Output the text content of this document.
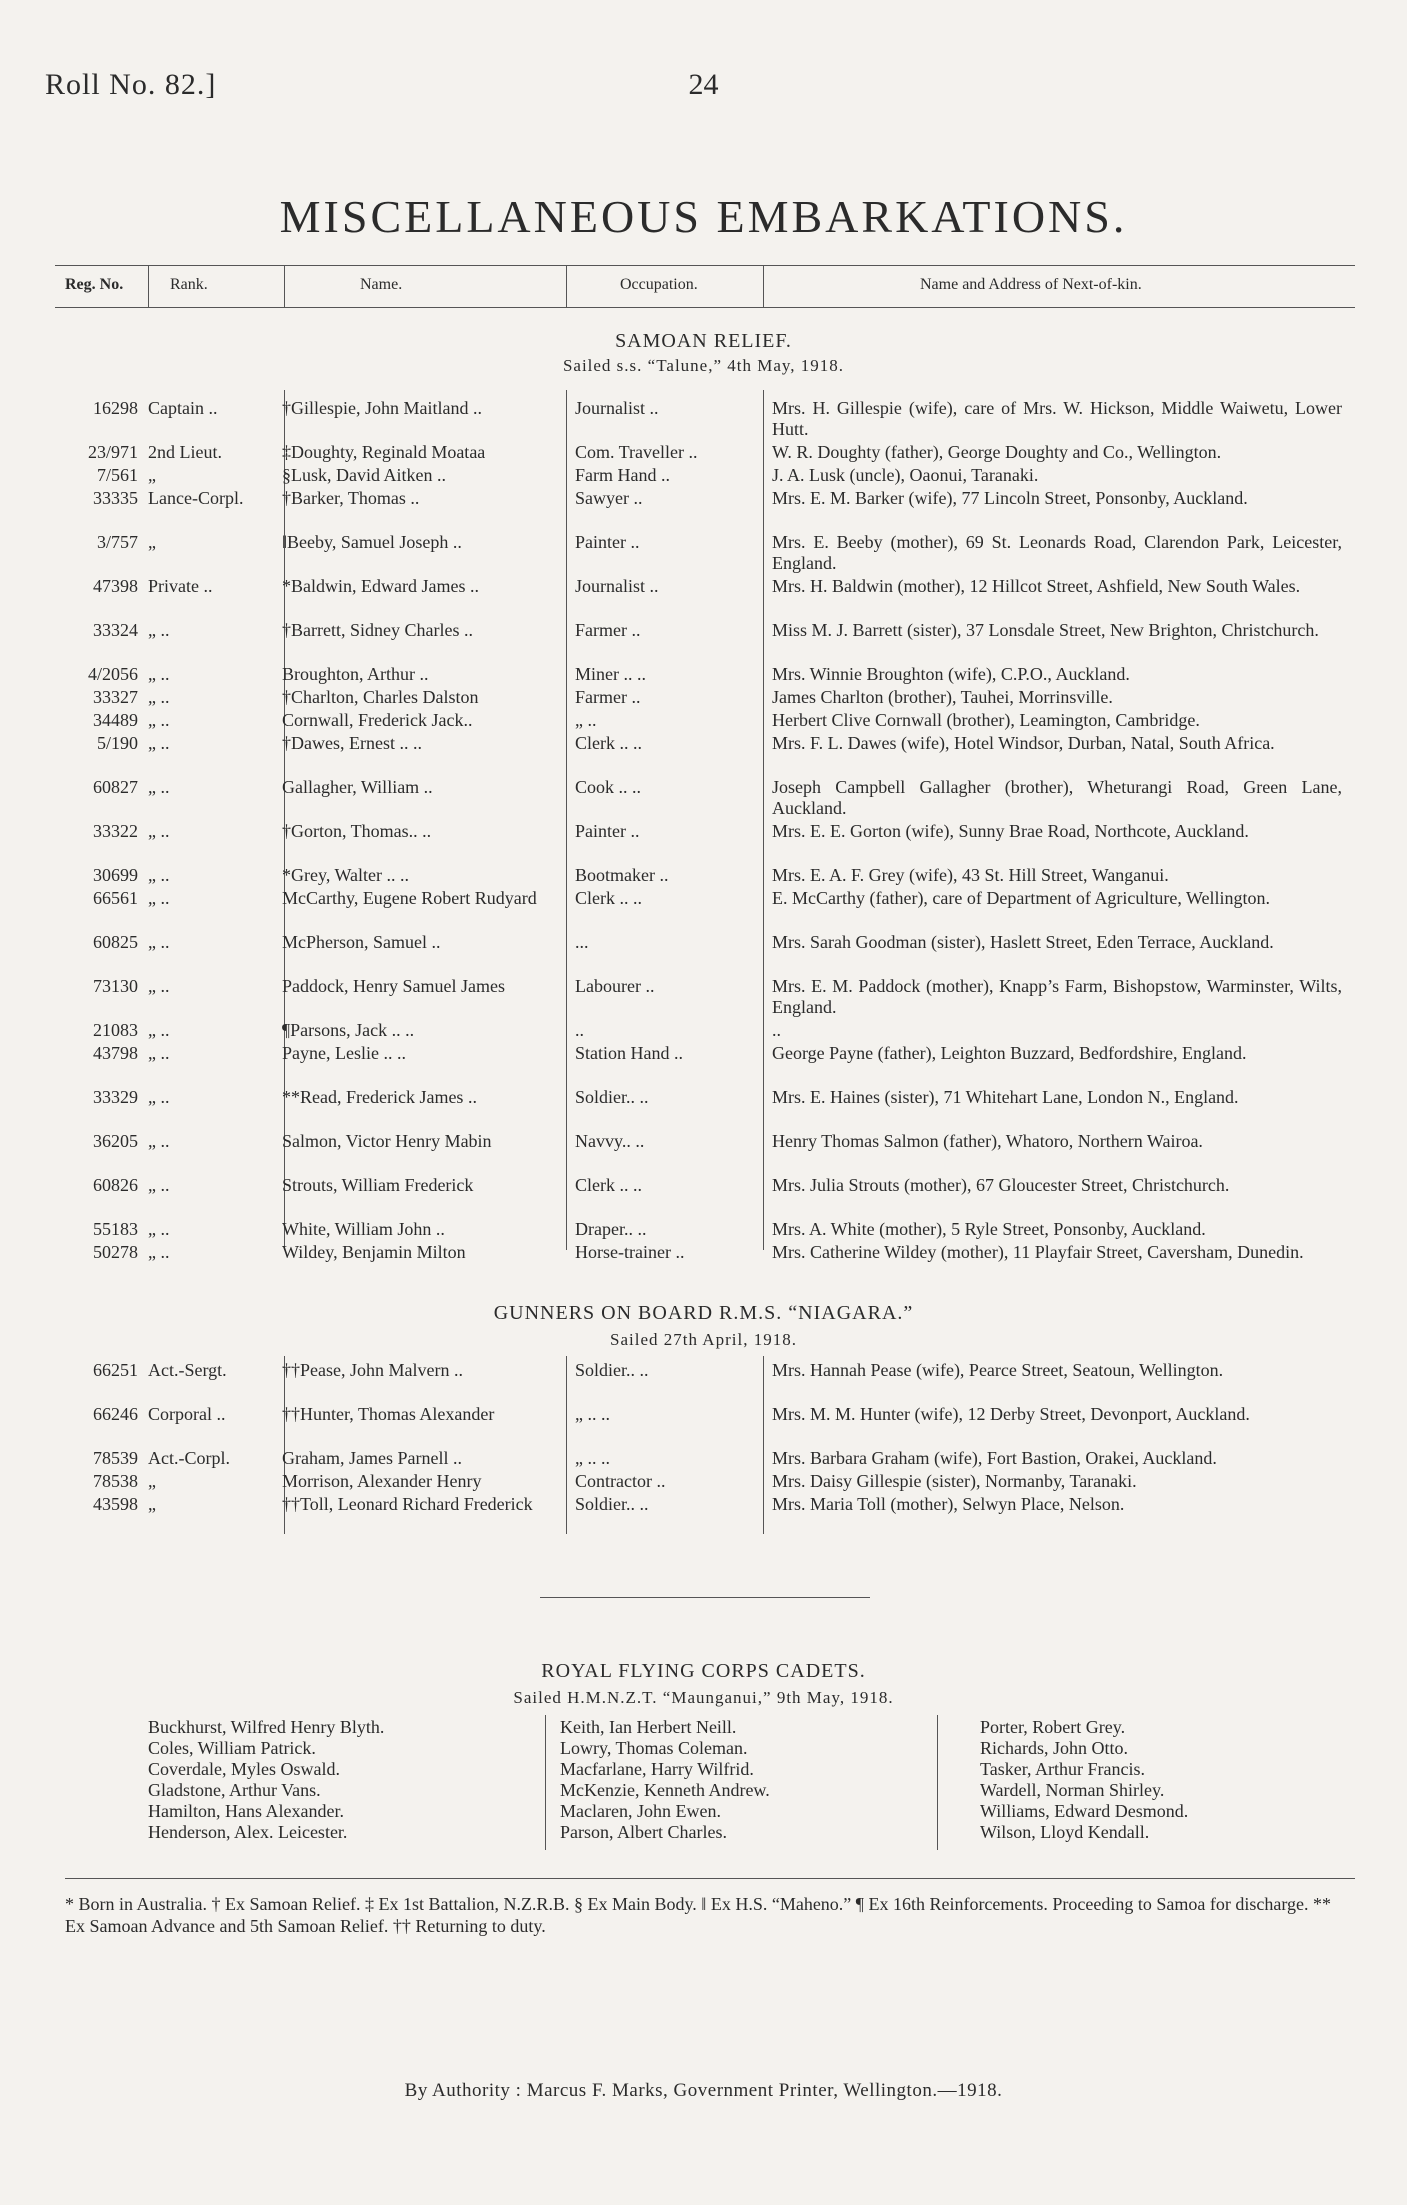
Roll No. 82.]	24
MISCELLANEOUS EMBARKATIONS.
Reg. No.	Rank.	Name.	Occupation.	Name and Address of Next-of-kin.
SAMOAN RELIEF.
Sailed s.s. “Talune,” 4th May, 1918.
16298 Captain ..	†Gillespie, John Maitland ..	Journalist ..	Mrs. H. Gillespie (wife), care of Mrs. W. Hickson, Middle Waiwetu, Lower Hutt.
23/971 2nd Lieut.	‡Doughty, Reginald Moataa	Com. Traveller ..	W. R. Doughty (father), George Doughty and Co., Wellington.
7/561 „	§Lusk, David Aitken ..	Farm Hand ..	J. A. Lusk (uncle), Oaonui, Taranaki.
33335 Lance-Corpl.	†Barker, Thomas ..	Sawyer ..	Mrs. E. M. Barker (wife), 77 Lincoln Street, Ponsonby, Auckland.
3/757 „	‖Beeby, Samuel Joseph ..	Painter ..	Mrs. E. Beeby (mother), 69 St. Leonards Road, Clarendon Park, Leicester, England.
47398 Private ..	*Baldwin, Edward James ..	Journalist ..	Mrs. H. Baldwin (mother), 12 Hillcot Street, Ashfield, New South Wales.
33324 „ ..	†Barrett, Sidney Charles ..	Farmer ..	Miss M. J. Barrett (sister), 37 Lonsdale Street, New Brighton, Christchurch.
4/2056 „ ..	Broughton, Arthur ..	Miner .. ..	Mrs. Winnie Broughton (wife), C.P.O., Auckland.
33327 „ ..	†Charlton, Charles Dalston	Farmer ..	James Charlton (brother), Tauhei, Morrinsville.
34489 „ ..	Cornwall, Frederick Jack..	„ ..	Herbert Clive Cornwall (brother), Leamington, Cambridge.
5/190 „ ..	†Dawes, Ernest .. ..	Clerk .. ..	Mrs. F. L. Dawes (wife), Hotel Windsor, Durban, Natal, South Africa.
60827 „ ..	Gallagher, William ..	Cook .. ..	Joseph Campbell Gallagher (brother), Wheturangi Road, Green Lane, Auckland.
33322 „ ..	†Gorton, Thomas.. ..	Painter ..	Mrs. E. E. Gorton (wife), Sunny Brae Road, Northcote, Auckland.
30699 „ ..	*Grey, Walter .. ..	Bootmaker ..	Mrs. E. A. F. Grey (wife), 43 St. Hill Street, Wanganui.
66561 „ ..	McCarthy, Eugene Robert Rudyard	Clerk .. ..	E. McCarthy (father), care of Department of Agriculture, Wellington.
60825 „ ..	McPherson, Samuel ..	...	Mrs. Sarah Goodman (sister), Haslett Street, Eden Terrace, Auckland.
73130 „ ..	Paddock, Henry Samuel James	Labourer ..	Mrs. E. M. Paddock (mother), Knapp’s Farm, Bishopstow, Warminster, Wilts, England.
21083 „ ..	¶Parsons, Jack .. ..	..	..
43798 „ ..	Payne, Leslie .. ..	Station Hand ..	George Payne (father), Leighton Buzzard, Bedfordshire, England.
33329 „ ..	**Read, Frederick James ..	Soldier.. ..	Mrs. E. Haines (sister), 71 Whitehart Lane, London N., England.
36205 „ ..	Salmon, Victor Henry Mabin	Navvy.. ..	Henry Thomas Salmon (father), Whatoro, Northern Wairoa.
60826 „ ..	Strouts, William Frederick	Clerk .. ..	Mrs. Julia Strouts (mother), 67 Gloucester Street, Christchurch.
55183 „ ..	White, William John ..	Draper.. ..	Mrs. A. White (mother), 5 Ryle Street, Ponsonby, Auckland.
50278 „ ..	Wildey, Benjamin Milton	Horse-trainer ..	Mrs. Catherine Wildey (mother), 11 Playfair Street, Caversham, Dunedin.
GUNNERS ON BOARD R.M.S. “NIAGARA.”
Sailed 27th April, 1918.
66251 Act.-Sergt.	††Pease, John Malvern ..	Soldier.. ..	Mrs. Hannah Pease (wife), Pearce Street, Seatoun, Wellington.
66246 Corporal ..	††Hunter, Thomas Alexander	„ .. ..	Mrs. M. M. Hunter (wife), 12 Derby Street, Devonport, Auckland.
78539 Act.-Corpl.	Graham, James Parnell ..	„ .. ..	Mrs. Barbara Graham (wife), Fort Bastion, Orakei, Auckland.
78538 „	Morrison, Alexander Henry	Contractor ..	Mrs. Daisy Gillespie (sister), Normanby, Taranaki.
43598 „	††Toll, Leonard Richard Frederick	Soldier.. ..	Mrs. Maria Toll (mother), Selwyn Place, Nelson.
ROYAL FLYING CORPS CADETS.
Sailed H.M.N.Z.T. “Maunganui,” 9th May, 1918.
Buckhurst, Wilfred Henry Blyth.
Coles, William Patrick.
Coverdale, Myles Oswald.
Gladstone, Arthur Vans.
Hamilton, Hans Alexander.
Henderson, Alex. Leicester.
Keith, Ian Herbert Neill.
Lowry, Thomas Coleman.
Macfarlane, Harry Wilfrid.
McKenzie, Kenneth Andrew.
Maclaren, John Ewen.
Parson, Albert Charles.
Porter, Robert Grey.
Richards, John Otto.
Tasker, Arthur Francis.
Wardell, Norman Shirley.
Williams, Edward Desmond.
Wilson, Lloyd Kendall.
* Born in Australia. † Ex Samoan Relief. ‡ Ex 1st Battalion, N.Z.R.B. § Ex Main Body. ‖ Ex H.S. “Maheno.” ¶ Ex 16th Reinforcements. Proceeding to Samoa for discharge. ** Ex Samoan Advance and 5th Samoan Relief. †† Returning to duty.
By Authority : Marcus F. Marks, Government Printer, Wellington.—1918.
